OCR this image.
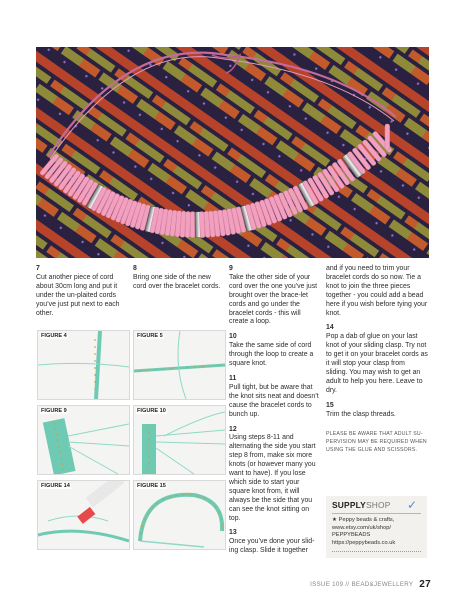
7

Cut another piece of cord about 30cm long and put it under the un-plaited cords you’ve just put next to each other.

8

Bring one side of the new cord over the bracelet cords.

9

Take the other side of your cord over the one you’ve just brought over the brace-let cords and go under the bracelet cords - this will create a loop.

10

Take the same side of cord through the loop to create a square knot.

11

Pull tight, but be aware that the knot sits neat and doesn’t cause the bracelet cords to bunch up.

12

Using steps 8-11 and alternating the side you start step 8 from, make six more knots (or however many you want to have). If you lose which side to start your square knot from, it will always be the side that you can see the knot sitting on top.

13

Once you’ve done your slid-ing clasp. Slide it together

and if you need to trim your bracelet cords do so now. Tie a knot to join the three pieces together - you could add a bead here if you wish before tying your knot.

14

Pop a dab of glue on your last knot of your sliding clasp. Try not to get it on your bracelet cords as it will stop your clasp from sliding. You may wish to get an adult to help you here. Leave to dry.

15

Trim the clasp threads.

PLEASE BE AWARE THAT ADULT SU-PERVISION MAY BE REQUIRED WHEN USING THE GLUE AND SCISSORS.

FIGURE 4	FIGURE 5
FIGURE 9	FIGURE 10
FIGURE 14	FIGURE 15
SUPPLYSHOP ✓
★ Peppy beads & crafts,
www.etsy.com/uk/shop/
PEPPYBEADS
https://peppybeads.co.uk
ISSUE 109 // BEAD&JEWELLERY 27
